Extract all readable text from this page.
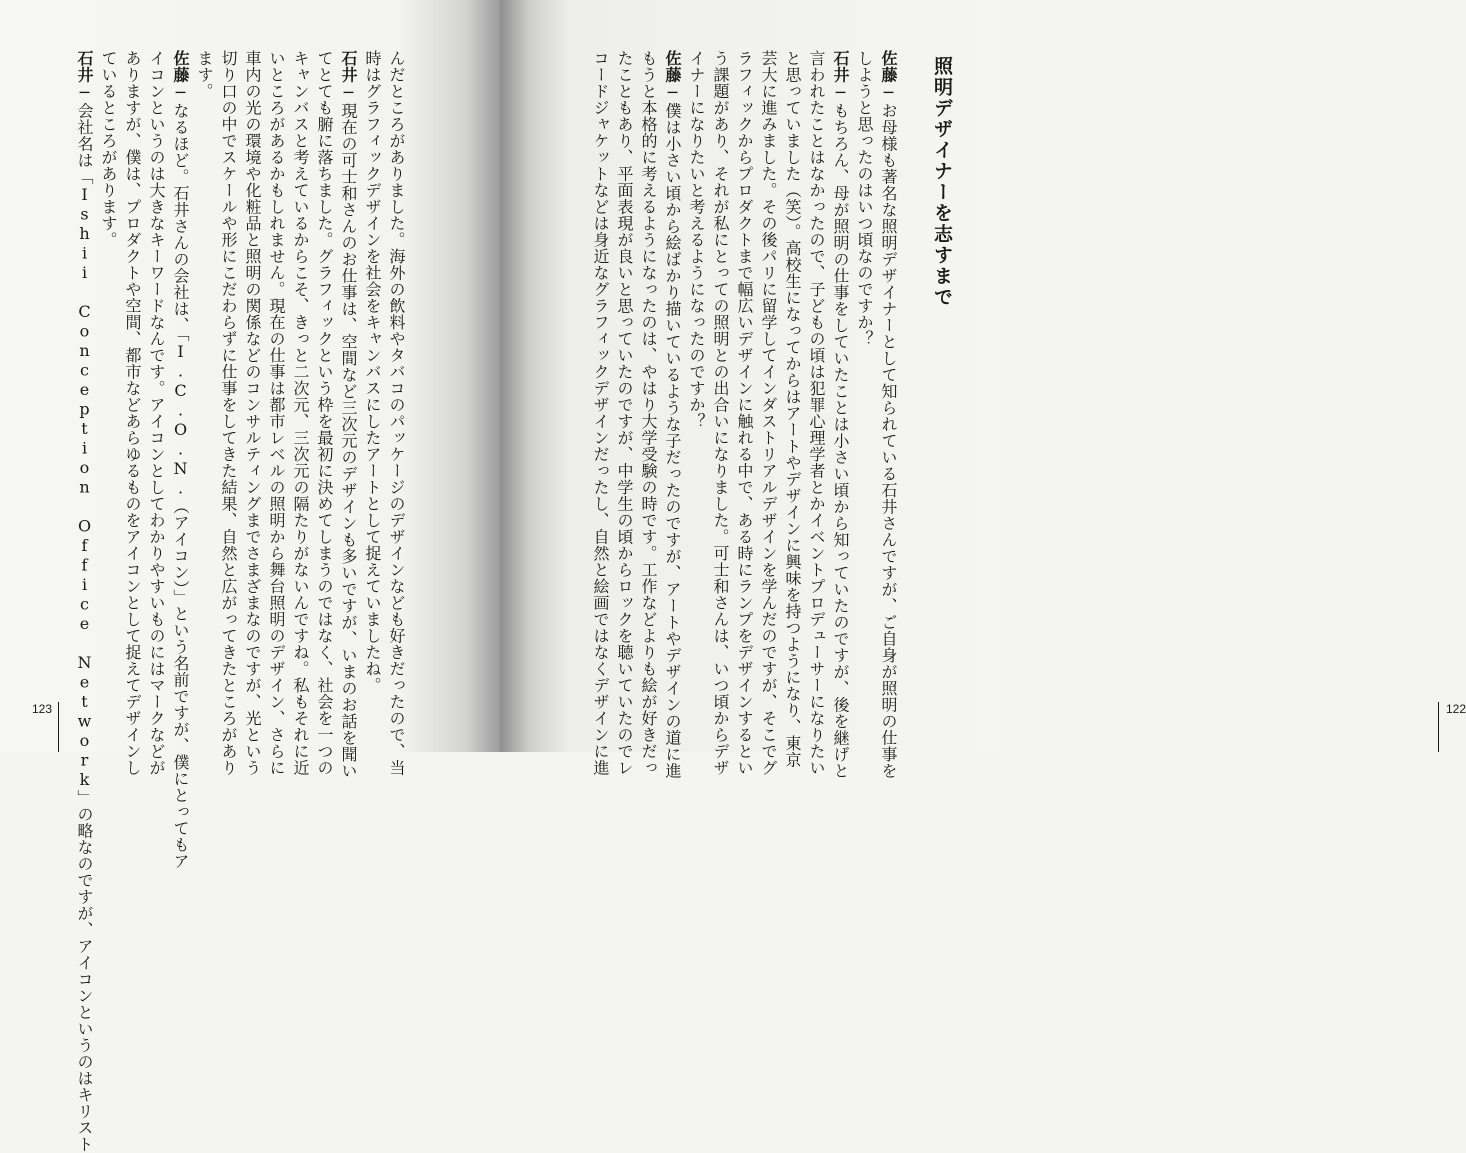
んだところがありました。海外の飲料やタバコのパッケージのデザインなども好きだったので、当
時はグラフィックデザインを社会をキャンバスにしたアートとして捉えていましたね。
石井─現在の可士和さんのお仕事は、空間など三次元のデザインも多いですが、いまのお話を聞い
てとても腑に落ちました。グラフィックという枠を最初に決めてしまうのではなく、社会を一つの
キャンバスと考えているからこそ、きっと二次元、三次元の隔たりがないんですね。私もそれに近
いところがあるかもしれません。現在の仕事は都市レベルの照明から舞台照明のデザイン、さらに
車内の光の環境や化粧品と照明の関係などのコンサルティングまでさまざまなのですが、光という
切り口の中でスケールや形にこだわらずに仕事をしてきた結果、自然と広がってきたところがあり
ます。
佐藤─なるほど。石井さんの会社は、「I.C.O.N.（アイコン）」という名前ですが、僕にとってもア
イコンというのは大きなキーワードなんです。アイコンとしてわかりやすいものにはマークなどが
ありますが、僕は、プロダクトや空間、都市などあらゆるものをアイコンとして捉えてデザインし
ているところがあります。
石井─会社名は「Ishii Conception Office Network」の略なのですが、アイコンというのはキリスト
123
佐藤─お母様も著名な照明デザイナーとして知られている石井さんですが、ご自身が照明の仕事を
しようと思ったのはいつ頃なのですか？
石井─もちろん、母が照明の仕事をしていたことは小さい頃から知っていたのですが、後を継げと
言われたことはなかったので、子どもの頃は犯罪心理学者とかイベントプロデューサーになりたい
と思っていました（笑）。高校生になってからはアートやデザインに興味を持つようになり、東京
芸大に進みました。その後パリに留学してインダストリアルデザインを学んだのですが、そこでグ
ラフィックからプロダクトまで幅広いデザインに触れる中で、ある時にランプをデザインするとい
う課題があり、それが私にとっての照明との出合いになりました。可士和さんは、いつ頃からデザ
イナーになりたいと考えるようになったのですか？
佐藤─僕は小さい頃から絵ばかり描いているような子だったのですが、アートやデザインの道に進
もうと本格的に考えるようになったのは、やはり大学受験の時です。工作などよりも絵が好きだっ
たこともあり、平面表現が良いと思っていたのですが、中学生の頃からロックを聴いていたのでレ
コードジャケットなどは身近なグラフィックデザインだったし、自然と絵画ではなくデザインに進	照明デザイナーを志すまで
122
